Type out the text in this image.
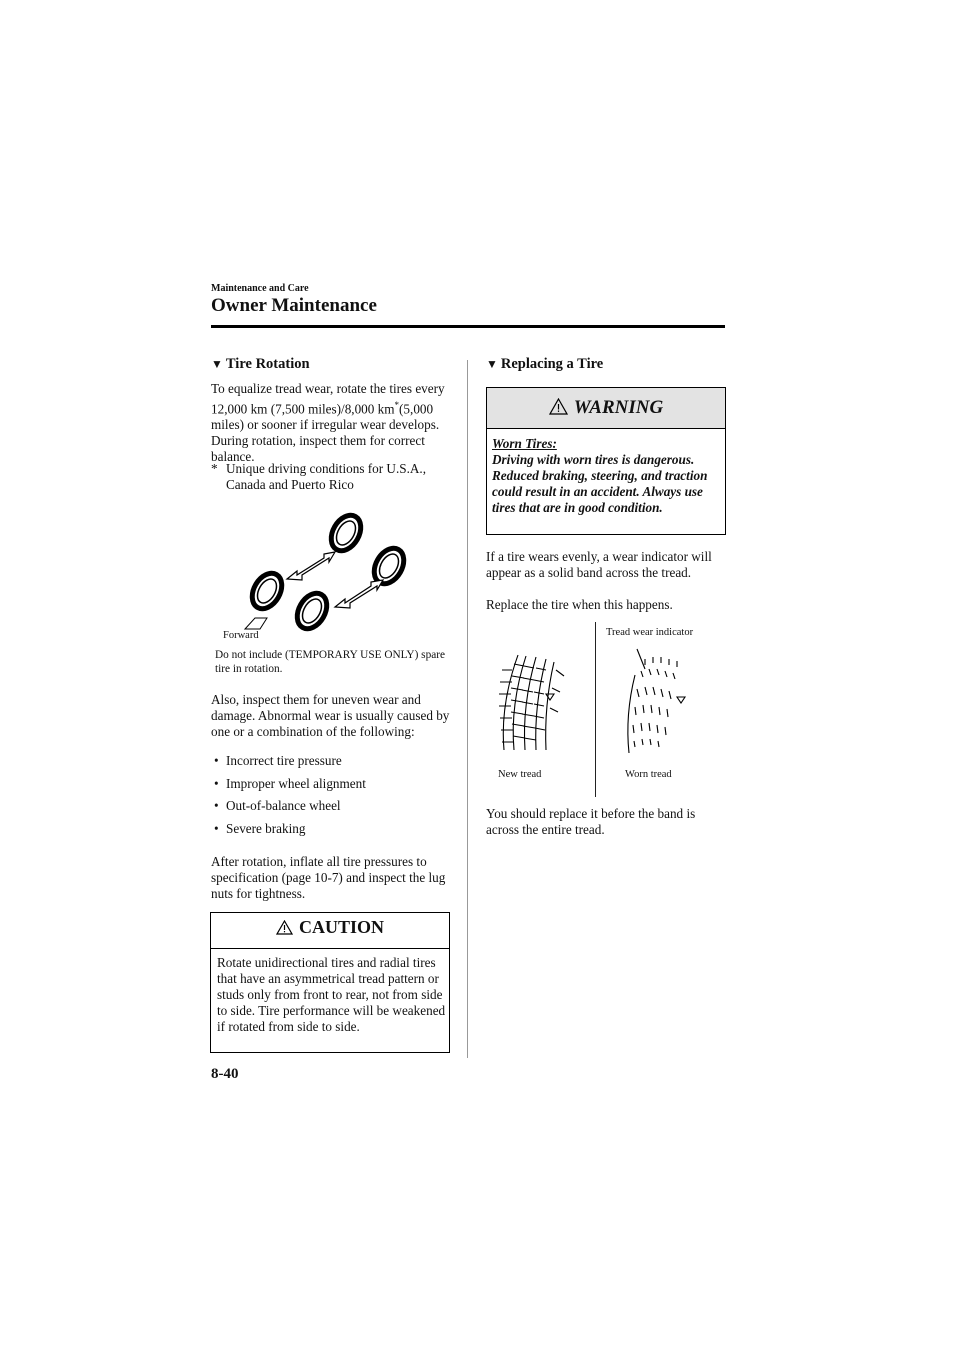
Maintenance and Care
Owner Maintenance
▼ Tire Rotation
To equalize tread wear, rotate the tires every 12,000 km (7,500 miles)/8,000 km*(5,000 miles) or sooner if irregular wear develops. During rotation, inspect them for correct balance.
* Unique driving conditions for U.S.A., Canada and Puerto Rico
Forward
Do not include (TEMPORARY USE ONLY) spare tire in rotation.
Also, inspect them for uneven wear and damage. Abnormal wear is usually caused by one or a combination of the following:
• Incorrect tire pressure
• Improper wheel alignment
• Out-of-balance wheel
• Severe braking
After rotation, inflate all tire pressures to specification (page 10-7) and inspect the lug nuts for tightness.
CAUTION
Rotate unidirectional tires and radial tires that have an asymmetrical tread pattern or studs only from front to rear, not from side to side. Tire performance will be weakened if rotated from side to side.
▼ Replacing a Tire
WARNING
Worn Tires:
Driving with worn tires is dangerous. Reduced braking, steering, and traction could result in an accident. Always use tires that are in good condition.
If a tire wears evenly, a wear indicator will appear as a solid band across the tread.
Replace the tire when this happens.
Tread wear indicator
New tread	Worn tread
You should replace it before the band is across the entire tread.
8-40
